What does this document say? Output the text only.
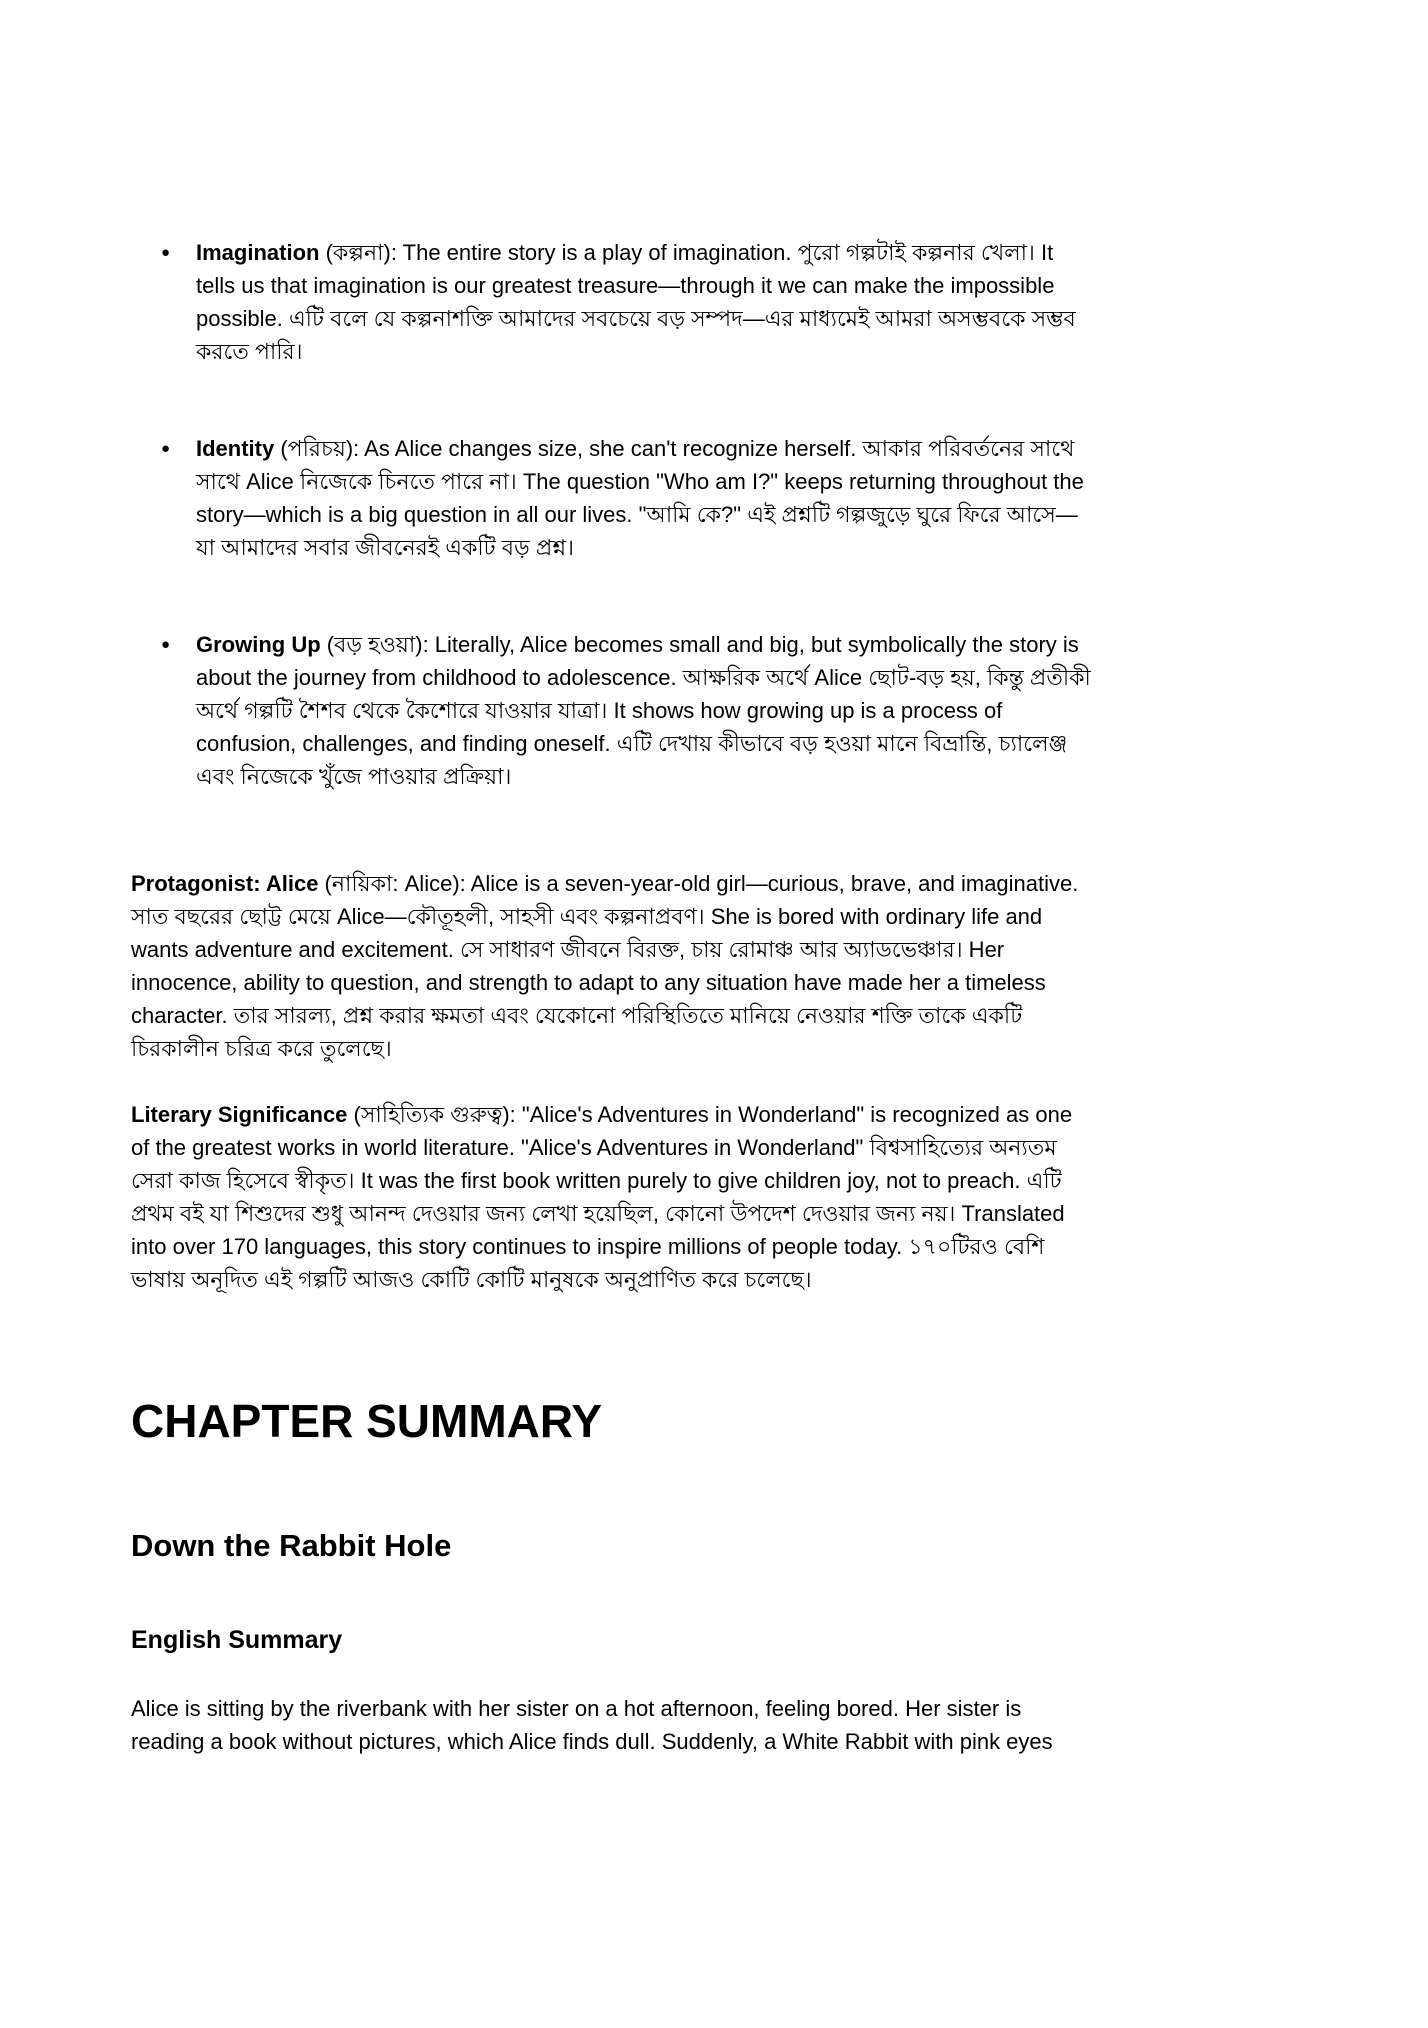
●	Imagination (কল্পনা): The entire story is a play of imagination. পুরো গল্পটাই কল্পনার খেলা। It tells us that imagination is our greatest treasure—through it we can make the impossible possible. এটি বলে যে কল্পনাশক্তি আমাদের সবচেয়ে বড় সম্পদ—এর মাধ্যমেই আমরা অসম্ভবকে সম্ভব করতে পারি।
●	Identity (পরিচয়): As Alice changes size, she can't recognize herself. আকার পরিবর্তনের সাথে সাথে Alice নিজেকে চিনতে পারে না। The question "Who am I?" keeps returning throughout the story—which is a big question in all our lives. "আমি কে?" এই প্রশ্নটি গল্পজুড়ে ঘুরে ফিরে আসে—যা আমাদের সবার জীবনেরই একটি বড় প্রশ্ন।
●	Growing Up (বড় হওয়া): Literally, Alice becomes small and big, but symbolically the story is about the journey from childhood to adolescence. আক্ষরিক অর্থে Alice ছোট-বড় হয়, কিন্তু প্রতীকী অর্থে গল্পটি শৈশব থেকে কৈশোরে যাওয়ার যাত্রা। It shows how growing up is a process of confusion, challenges, and finding oneself. এটি দেখায় কীভাবে বড় হওয়া মানে বিভ্রান্তি, চ্যালেঞ্জ এবং নিজেকে খুঁজে পাওয়ার প্রক্রিয়া।

Protagonist: Alice (নায়িকা: Alice): Alice is a seven-year-old girl—curious, brave, and imaginative. সাত বছরের ছোট্ট মেয়ে Alice—কৌতূহলী, সাহসী এবং কল্পনাপ্রবণ। She is bored with ordinary life and wants adventure and excitement. সে সাধারণ জীবনে বিরক্ত, চায় রোমাঞ্চ আর অ্যাডভেঞ্চার। Her innocence, ability to question, and strength to adapt to any situation have made her a timeless character. তার সারল্য, প্রশ্ন করার ক্ষমতা এবং যেকোনো পরিস্থিতিতে মানিয়ে নেওয়ার শক্তি তাকে একটি চিরকালীন চরিত্র করে তুলেছে।

Literary Significance (সাহিত্যিক গুরুত্ব): "Alice's Adventures in Wonderland" is recognized as one of the greatest works in world literature. "Alice's Adventures in Wonderland" বিশ্বসাহিত্যের অন্যতম সেরা কাজ হিসেবে স্বীকৃত। It was the first book written purely to give children joy, not to preach. এটি প্রথম বই যা শিশুদের শুধু আনন্দ দেওয়ার জন্য লেখা হয়েছিল, কোনো উপদেশ দেওয়ার জন্য নয়। Translated into over 170 languages, this story continues to inspire millions of people today. ১৭০টিরও বেশি ভাষায় অনূদিত এই গল্পটি আজও কোটি কোটি মানুষকে অনুপ্রাণিত করে চলেছে।

CHAPTER SUMMARY
Down the Rabbit Hole
English Summary

Alice is sitting by the riverbank with her sister on a hot afternoon, feeling bored. Her sister is reading a book without pictures, which Alice finds dull. Suddenly, a White Rabbit with pink eyes
